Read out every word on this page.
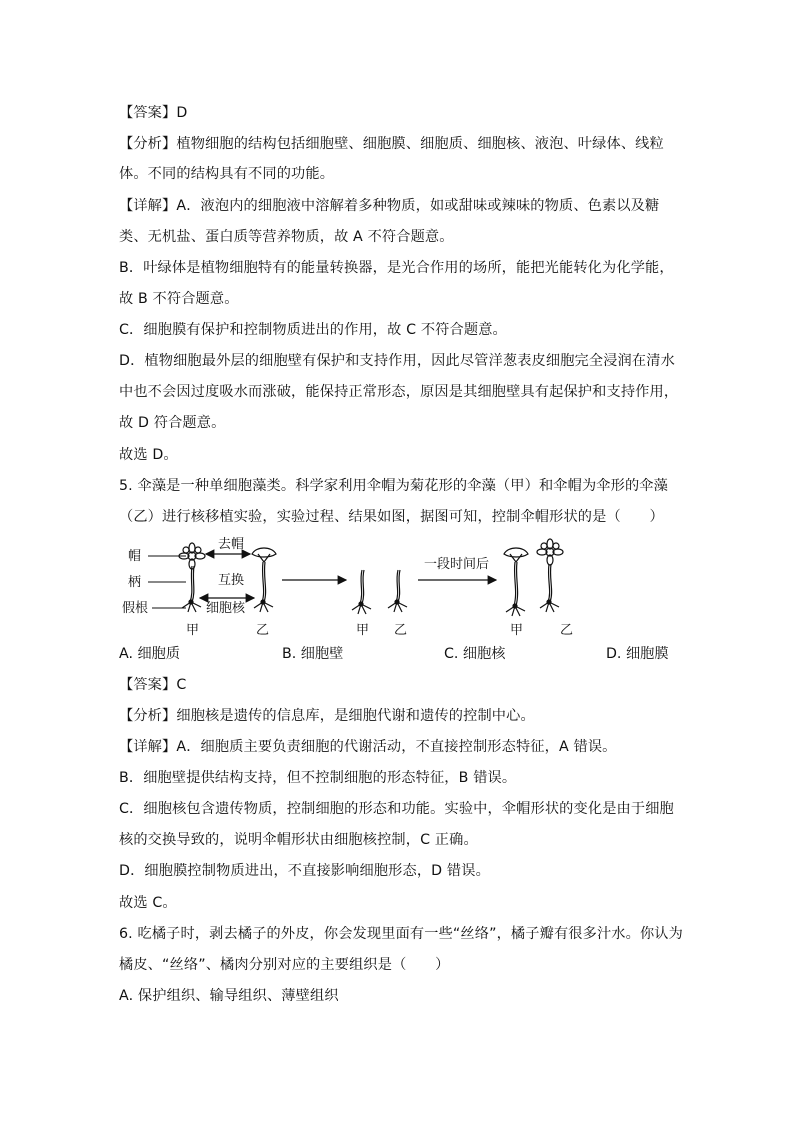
【答案】D
【分析】植物细胞的结构包括细胞壁、细胞膜、细胞质、细胞核、液泡、叶绿体、线粒
体。不同的结构具有不同的功能。
【详解】A．液泡内的细胞液中溶解着多种物质，如或甜味或辣味的物质、色素以及糖
类、无机盐、蛋白质等营养物质，故 A 不符合题意。
B．叶绿体是植物细胞特有的能量转换器，是光合作用的场所，能把光能转化为化学能，
故 B 不符合题意。
C．细胞膜有保护和控制物质进出的作用，故 C 不符合题意。
D．植物细胞最外层的细胞壁有保护和支持作用，因此尽管洋葱表皮细胞完全浸润在清水
中也不会因过度吸水而涨破，能保持正常形态，原因是其细胞壁具有起保护和支持作用，
故 D 符合题意。
故选 D。
5. 伞藻是一种单细胞藻类。科学家利用伞帽为菊花形的伞藻（甲）和伞帽为伞形的伞藻
（乙）进行核移植实验，实验过程、结果如图，据图可知，控制伞帽形状的是（　　）
帽
柄
假根
去帽
互换
细胞核
甲	乙	甲 乙
一段时间后
甲	乙
A. 细胞质	B. 细胞壁	C. 细胞核	D. 细胞膜
【答案】C
【分析】细胞核是遗传的信息库，是细胞代谢和遗传的控制中心。
【详解】A．细胞质主要负责细胞的代谢活动，不直接控制形态特征，A 错误。
B．细胞壁提供结构支持，但不控制细胞的形态特征，B 错误。
C．细胞核包含遗传物质，控制细胞的形态和功能。实验中，伞帽形状的变化是由于细胞
核的交换导致的，说明伞帽形状由细胞核控制，C 正确。
D．细胞膜控制物质进出，不直接影响细胞形态，D 错误。
故选 C。
6. 吃橘子时，剥去橘子的外皮，你会发现里面有一些“丝络”，橘子瓣有很多汁水。你认为
橘皮、“丝络”、橘肉分别对应的主要组织是（　　）
A. 保护组织、输导组织、薄壁组织
